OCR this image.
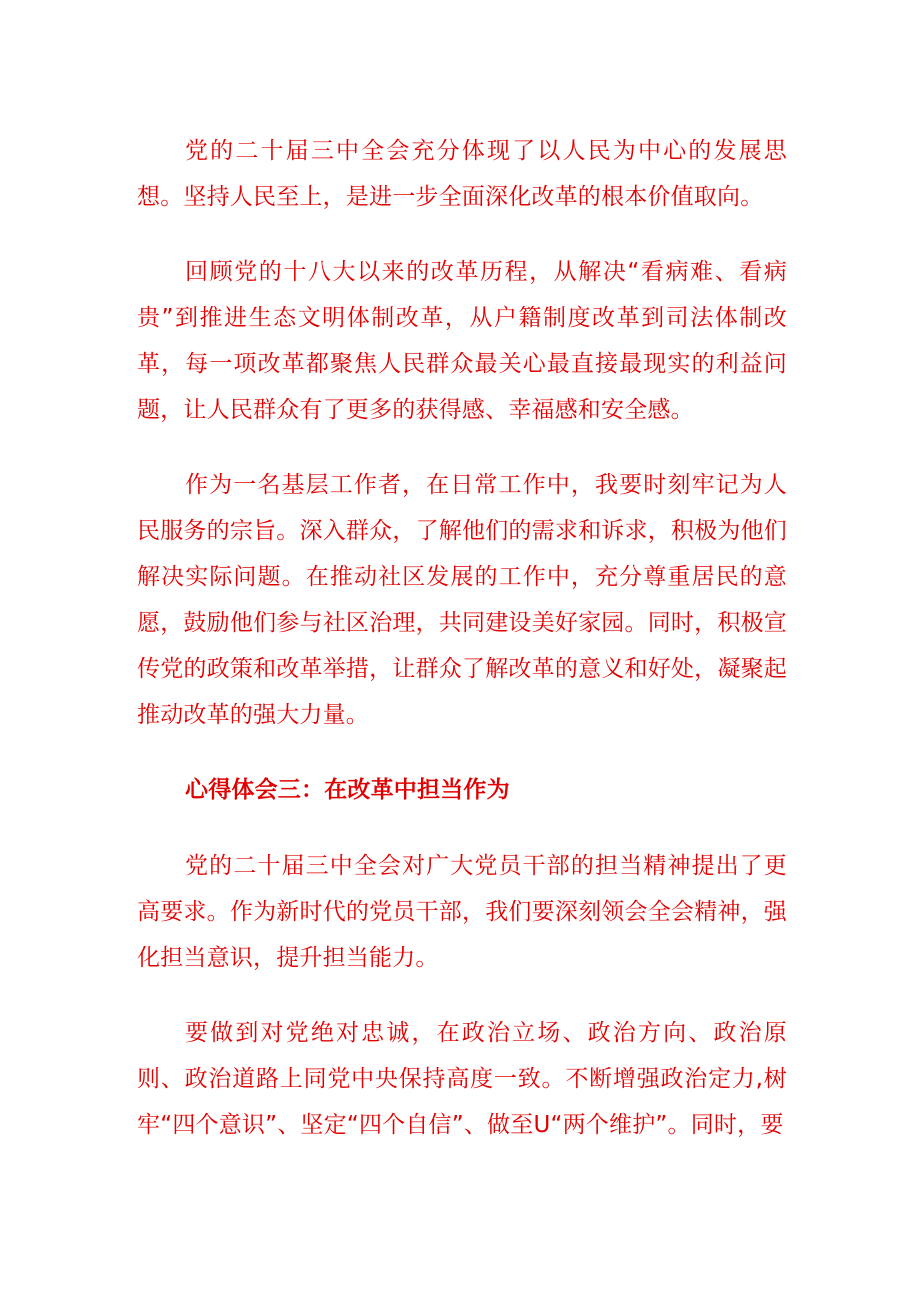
党的二十届三中全会充分体现了以人民为中心的发展思想。坚持人民至上，是进一步全面深化改革的根本价值取向。

回顾党的十八大以来的改革历程，从解决“看病难、看病贵”到推进生态文明体制改革，从户籍制度改革到司法体制改革，每一项改革都聚焦人民群众最关心最直接最现实的利益问题，让人民群众有了更多的获得感、幸福感和安全感。

作为一名基层工作者，在日常工作中，我要时刻牢记为人民服务的宗旨。深入群众，了解他们的需求和诉求，积极为他们解决实际问题。在推动社区发展的工作中，充分尊重居民的意愿，鼓励他们参与社区治理，共同建设美好家园。同时，积极宣传党的政策和改革举措，让群众了解改革的意义和好处，凝聚起推动改革的强大力量。

心得体会三：在改革中担当作为

党的二十届三中全会对广大党员干部的担当精神提出了更高要求。作为新时代的党员干部，我们要深刻领会全会精神，强化担当意识，提升担当能力。

要做到对党绝对忠诚，在政治立场、政治方向、政治原则、政治道路上同党中央保持高度一致。不断增强政治定力,树牢“四个意识”、坚定“四个自信”、做至U“两个维护”。同时，要
